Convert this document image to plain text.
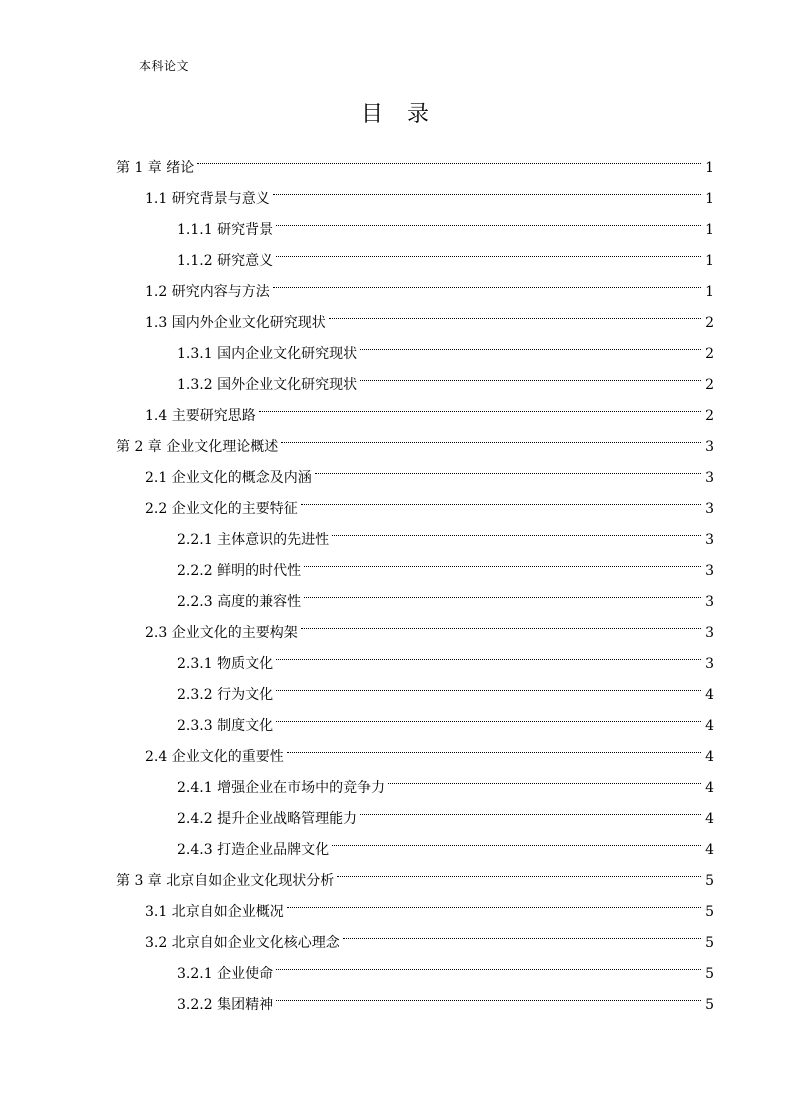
本科论文
目录
第 1 章 绪论	1
1.1 研究背景与意义	1
1.1.1 研究背景	1
1.1.2 研究意义	1
1.2 研究内容与方法	1
1.3 国内外企业文化研究现状	2
1.3.1 国内企业文化研究现状	2
1.3.2 国外企业文化研究现状	2
1.4 主要研究思路	2
第 2 章 企业文化理论概述	3
2.1 企业文化的概念及内涵	3
2.2 企业文化的主要特征	3
2.2.1 主体意识的先进性	3
2.2.2 鲜明的时代性	3
2.2.3 高度的兼容性	3
2.3 企业文化的主要构架	3
2.3.1 物质文化	3
2.3.2 行为文化	4
2.3.3 制度文化	4
2.4 企业文化的重要性	4
2.4.1 增强企业在市场中的竞争力	4
2.4.2 提升企业战略管理能力	4
2.4.3 打造企业品牌文化	4
第 3 章 北京自如企业文化现状分析	5
3.1 北京自如企业概况	5
3.2 北京自如企业文化核心理念	5
3.2.1 企业使命	5
3.2.2 集团精神	5
